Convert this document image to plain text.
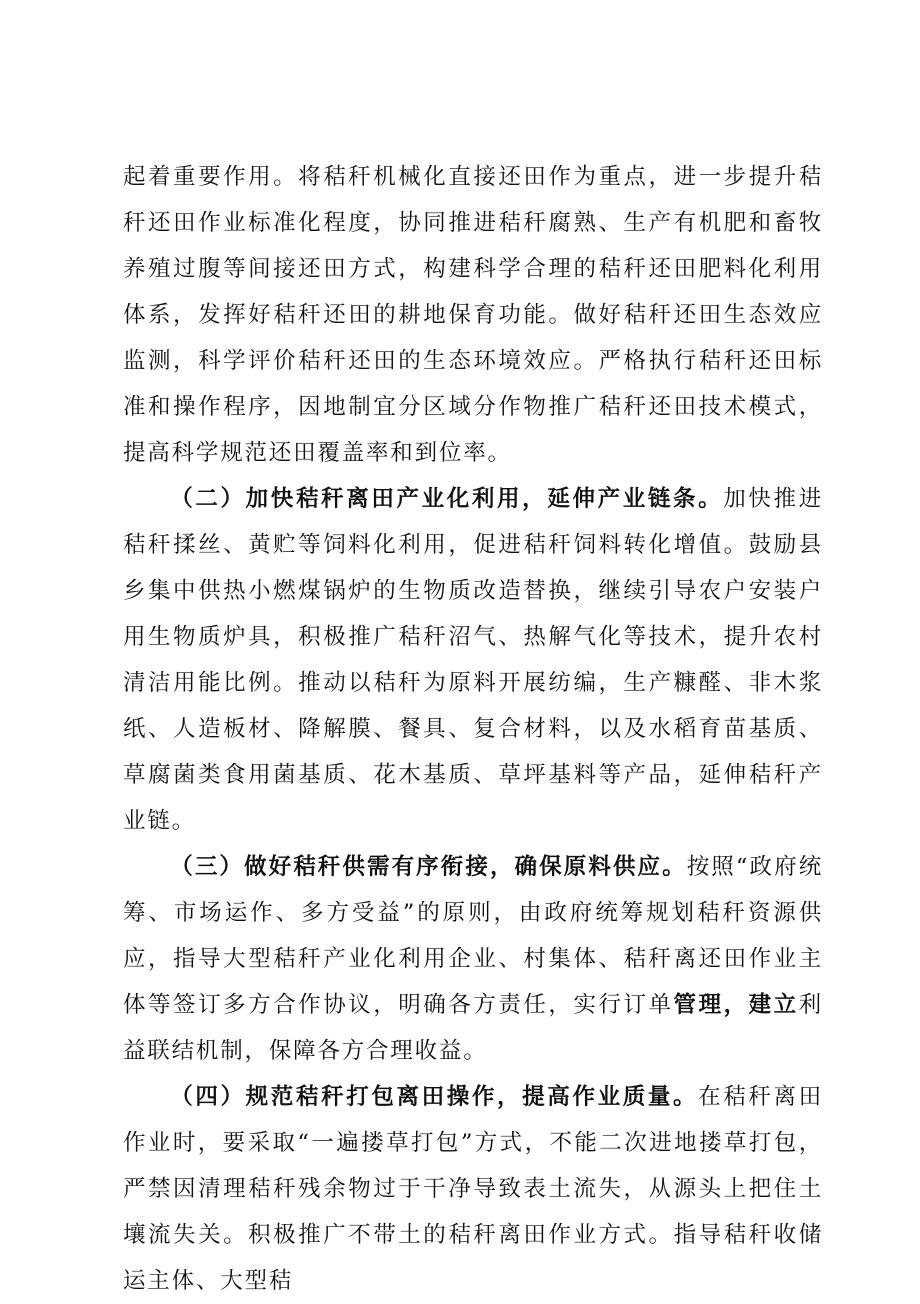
起着重要作用。将秸秆机械化直接还田作为重点，进一步提升秸秆还田作业标准化程度，协同推进秸秆腐熟、生产有机肥和畜牧养殖过腹等间接还田方式，构建科学合理的秸秆还田肥料化利用体系，发挥好秸秆还田的耕地保育功能。做好秸秆还田生态效应监测，科学评价秸秆还田的生态环境效应。严格执行秸秆还田标准和操作程序，因地制宜分区域分作物推广秸秆还田技术模式，提高科学规范还田覆盖率和到位率。

（二）加快秸秆离田产业化利用，延伸产业链条。加快推进秸秆揉丝、黄贮等饲料化利用，促进秸秆饲料转化增值。鼓励县乡集中供热小燃煤锅炉的生物质改造替换，继续引导农户安装户用生物质炉具，积极推广秸秆沼气、热解气化等技术，提升农村清洁用能比例。推动以秸秆为原料开展纺编，生产糠醛、非木浆纸、人造板材、降解膜、餐具、复合材料，以及水稻育苗基质、草腐菌类食用菌基质、花木基质、草坪基料等产品，延伸秸秆产业链。

（三）做好秸秆供需有序衔接，确保原料供应。按照“政府统筹、市场运作、多方受益”的原则，由政府统筹规划秸秆资源供应，指导大型秸秆产业化利用企业、村集体、秸秆离还田作业主体等签订多方合作协议，明确各方责任，实行订单管理，建立利益联结机制，保障各方合理收益。

（四）规范秸秆打包离田操作，提高作业质量。在秸秆离田作业时，要采取“一遍搂草打包”方式，不能二次进地搂草打包，严禁因清理秸秆残余物过于干净导致表土流失，从源头上把住土壤流失关。积极推广不带土的秸秆离田作业方式。指导秸秆收储运主体、大型秸
